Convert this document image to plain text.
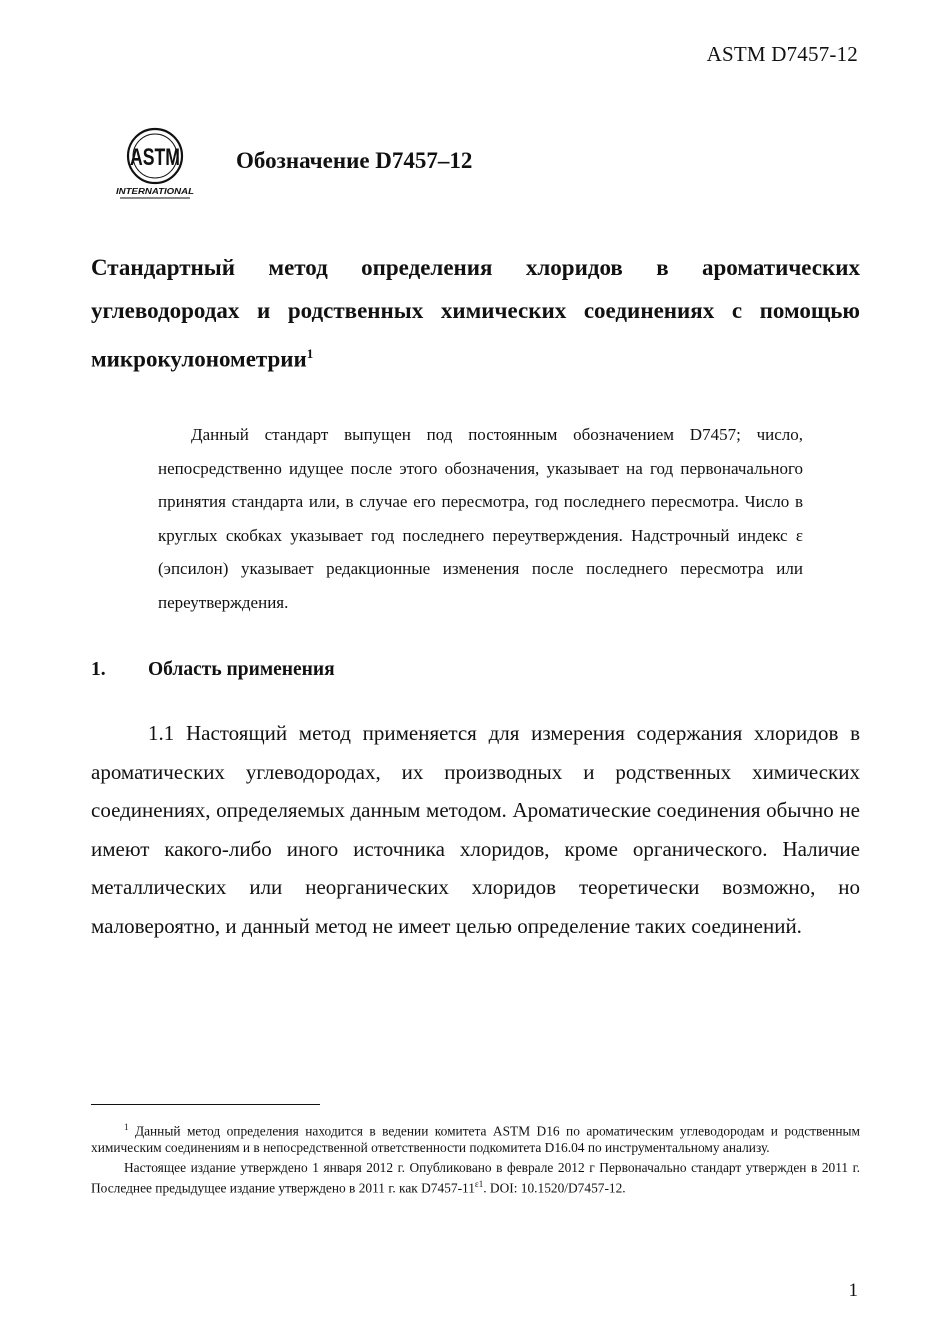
ASTM D7457-12
ASTM
INTERNATIONAL
Обозначение D7457–12
Стандартный метод определения хлоридов в ароматических углеводородах и родственных химических соединениях с помощью микрокулонометрии$^1$

Данный стандарт выпущен под постоянным обозначением D7457; число, непосредственно идущее после этого обозначения, указывает на год первоначального принятия стандарта или, в случае его пересмотра, год последнего пересмотра. Число в круглых скобках указывает год последнего переутверждения. Надстрочный индекс ε (эпсилон) указывает редакционные изменения после последнего пересмотра или переутверждения.

1.	Область применения

1.1 Настоящий метод применяется для измерения содержания хлоридов в ароматических углеводородах, их производных и родственных химических соединениях, определяемых данным методом. Ароматические соединения обычно не имеют какого-либо иного источника хлоридов, кроме органического. Наличие металлических или неорганических хлоридов теоретически возможно, но маловероятно, и данный метод не имеет целью определение таких соединений.

$^1$ Данный метод определения находится в ведении комитета ASTM D16 по ароматическим углеводородам и родственным химическим соединениям и в непосредственной ответственности подкомитета D16.04 по инструментальному анализу.

Настоящее издание утверждено 1 января 2012 г. Опубликовано в феврале 2012 г Первоначально стандарт утвержден в 2011 г. Последнее предыдущее издание утверждено в 2011 г. как $D7457-11^{\varepsilon 1}$. DOI: 10.1520/D7457-12.

1
